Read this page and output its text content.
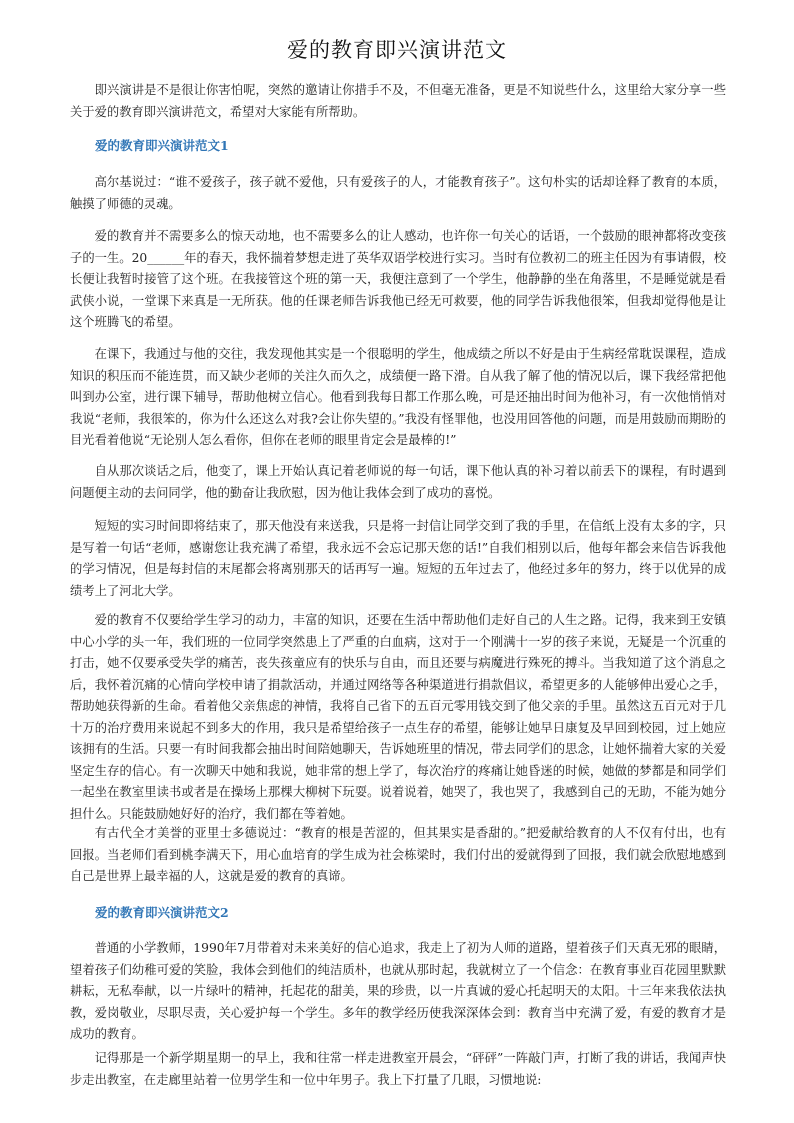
爱的教育即兴演讲范文

即兴演讲是不是很让你害怕呢，突然的邀请让你措手不及，不但毫无准备，更是不知说些什么，这里给大家分享一些关于爱的教育即兴演讲范文，希望对大家能有所帮助。

爱的教育即兴演讲范文1

高尔基说过：“谁不爱孩子，孩子就不爱他，只有爱孩子的人，才能教育孩子”。这句朴实的话却诠释了教育的本质，触摸了师德的灵魂。

爱的教育并不需要多么的惊天动地，也不需要多么的让人感动，也许你一句关心的话语，一个鼓励的眼神都将改变孩子的一生。20______年的春天，我怀揣着梦想走进了英华双语学校进行实习。当时有位教初二的班主任因为有事请假，校长便让我暂时接管了这个班。在我接管这个班的第一天，我便注意到了一个学生，他静静的坐在角落里，不是睡觉就是看武侠小说，一堂课下来真是一无所获。他的任课老师告诉我他已经无可救要，他的同学告诉我他很笨，但我却觉得他是让这个班腾飞的希望。

在课下，我通过与他的交往，我发现他其实是一个很聪明的学生，他成绩之所以不好是由于生病经常耽误课程，造成知识的积压而不能连贯，而又缺少老师的关注久而久之，成绩便一路下滑。自从我了解了他的情况以后，课下我经常把他叫到办公室，进行课下辅导，帮助他树立信心。他看到我每日都工作那么晚，可是还抽出时间为他补习，有一次他悄悄对我说“老师，我很笨的，你为什么还这么对我?会让你失望的。”我没有怪罪他，也没用回答他的问题，而是用鼓励而期盼的目光看着他说“无论别人怎么看你，但你在老师的眼里肯定会是最棒的!”

自从那次谈话之后，他变了，课上开始认真记着老师说的每一句话，课下他认真的补习着以前丢下的课程，有时遇到问题便主动的去问同学，他的勤奋让我欣慰，因为他让我体会到了成功的喜悦。

短短的实习时间即将结束了，那天他没有来送我，只是将一封信让同学交到了我的手里，在信纸上没有太多的字，只是写着一句话“老师，感谢您让我充满了希望，我永远不会忘记那天您的话!”自我们相别以后，他每年都会来信告诉我他的学习情况，但是每封信的末尾都会将离别那天的话再写一遍。短短的五年过去了，他经过多年的努力，终于以优异的成绩考上了河北大学。

爱的教育不仅要给学生学习的动力，丰富的知识，还要在生活中帮助他们走好自己的人生之路。记得，我来到王安镇中心小学的头一年，我们班的一位同学突然患上了严重的白血病，这对于一个刚满十一岁的孩子来说，无疑是一个沉重的打击，她不仅要承受失学的痛苦，丧失孩童应有的快乐与自由，而且还要与病魔进行殊死的搏斗。当我知道了这个消息之后，我怀着沉痛的心情向学校申请了捐款活动，并通过网络等各种渠道进行捐款倡议，希望更多的人能够伸出爱心之手，帮助她获得新的生命。看着他父亲焦虑的神情，我将自己省下的五百元零用钱交到了他父亲的手里。虽然这五百元对于几十万的治疗费用来说起不到多大的作用，我只是希望给孩子一点生存的希望，能够让她早日康复及早回到校园，过上她应该拥有的生活。只要一有时间我都会抽出时间陪她聊天，告诉她班里的情况，带去同学们的思念，让她怀揣着大家的关爱坚定生存的信心。有一次聊天中她和我说，她非常的想上学了，每次治疗的疼痛让她昏迷的时候，她做的梦都是和同学们一起坐在教室里读书或者是在操场上那棵大柳树下玩耍。说着说着，她哭了，我也哭了，我感到自己的无助，不能为她分担什么。只能鼓励她好好的治疗，我们都在等着她。

有古代全才美誉的亚里士多德说过：“教育的根是苦涩的，但其果实是香甜的。”把爱献给教育的人不仅有付出，也有回报。当老师们看到桃李满天下，用心血培育的学生成为社会栋梁时，我们付出的爱就得到了回报，我们就会欣慰地感到自己是世界上最幸福的人，这就是爱的教育的真谛。

爱的教育即兴演讲范文2

普通的小学教师，1990年7月带着对未来美好的信心追求，我走上了初为人师的道路，望着孩子们天真无邪的眼睛，望着孩子们幼稚可爱的笑脸，我体会到他们的纯洁质朴，也就从那时起，我就树立了一个信念：在教育事业百花园里默默耕耘，无私奉献，以一片绿叶的精神，托起花的甜美，果的珍贵，以一片真诚的爱心托起明天的太阳。十三年来我依法执教，爱岗敬业，尽职尽责，关心爱护每一个学生。多年的教学经历使我深深体会到：教育当中充满了爱，有爱的教育才是成功的教育。

记得那是一个新学期星期一的早上，我和往常一样走进教室开晨会，“砰砰”一阵敲门声，打断了我的讲话，我闻声快步走出教室，在走廊里站着一位男学生和一位中年男子。我上下打量了几眼，习惯地说:
